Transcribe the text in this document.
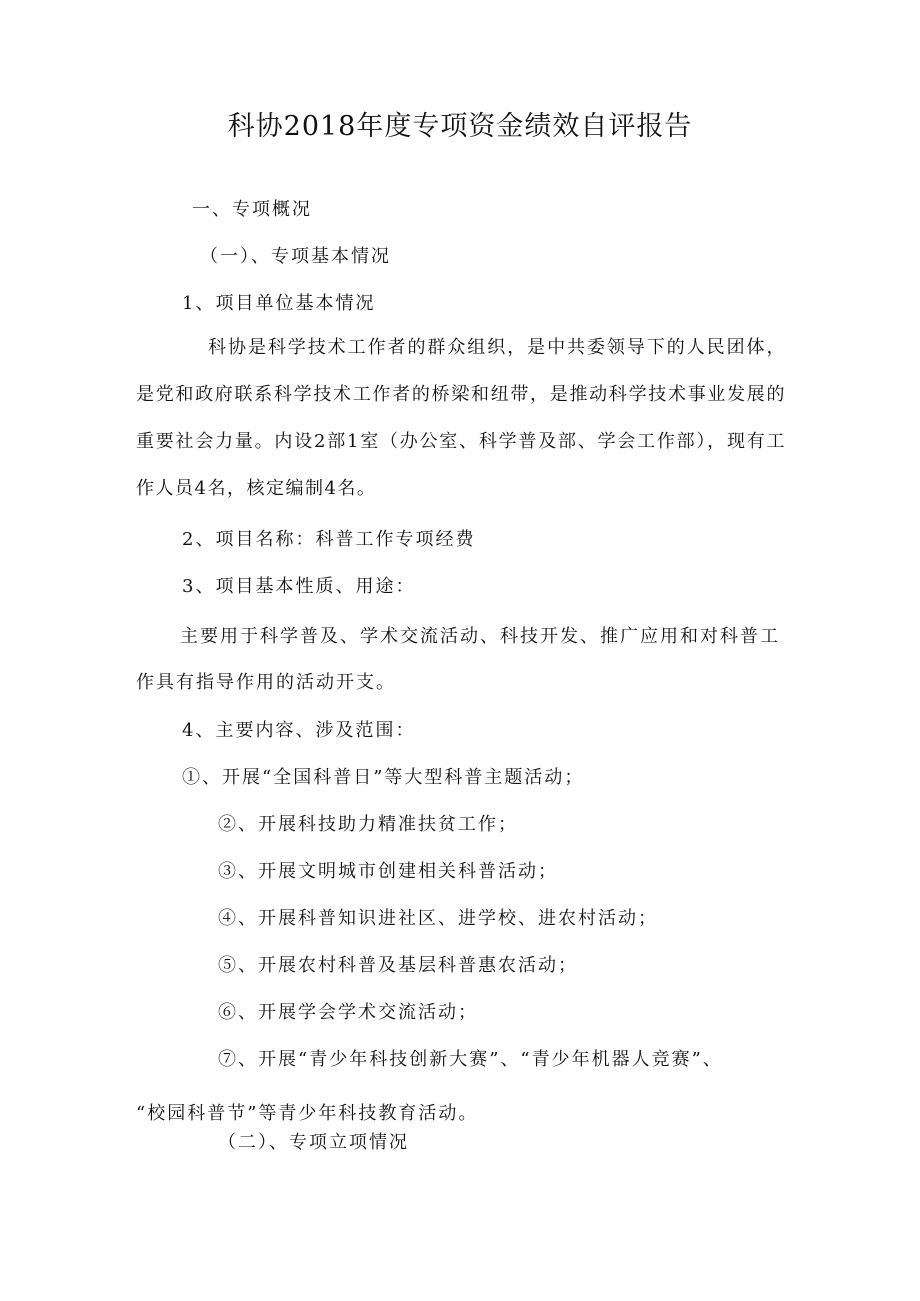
科协2018年度专项资金绩效自评报告
一、专项概况
（一）、专项基本情况
1、项目单位基本情况
科协是科学技术工作者的群众组织，是中共委领导下的人民团体，是党和政府联系科学技术工作者的桥梁和纽带，是推动科学技术事业发展的重要社会力量。内设2部1室（办公室、科学普及部、学会工作部），现有工作人员4名，核定编制4名。
2、项目名称：科普工作专项经费
3、项目基本性质、用途：
主要用于科学普及、学术交流活动、科技开发、推广应用和对科普工
作具有指导作用的活动开支。
4、主要内容、涉及范围：
①、开展“全国科普日”等大型科普主题活动；
②、开展科技助力精准扶贫工作；
③、开展文明城市创建相关科普活动；
④、开展科普知识进社区、进学校、进农村活动；
⑤、开展农村科普及基层科普惠农活动；
⑥、开展学会学术交流活动；
⑦、开展“青少年科技创新大赛”、“青少年机器人竞赛”、
“校园科普节”等青少年科技教育活动。
（二）、专项立项情况
